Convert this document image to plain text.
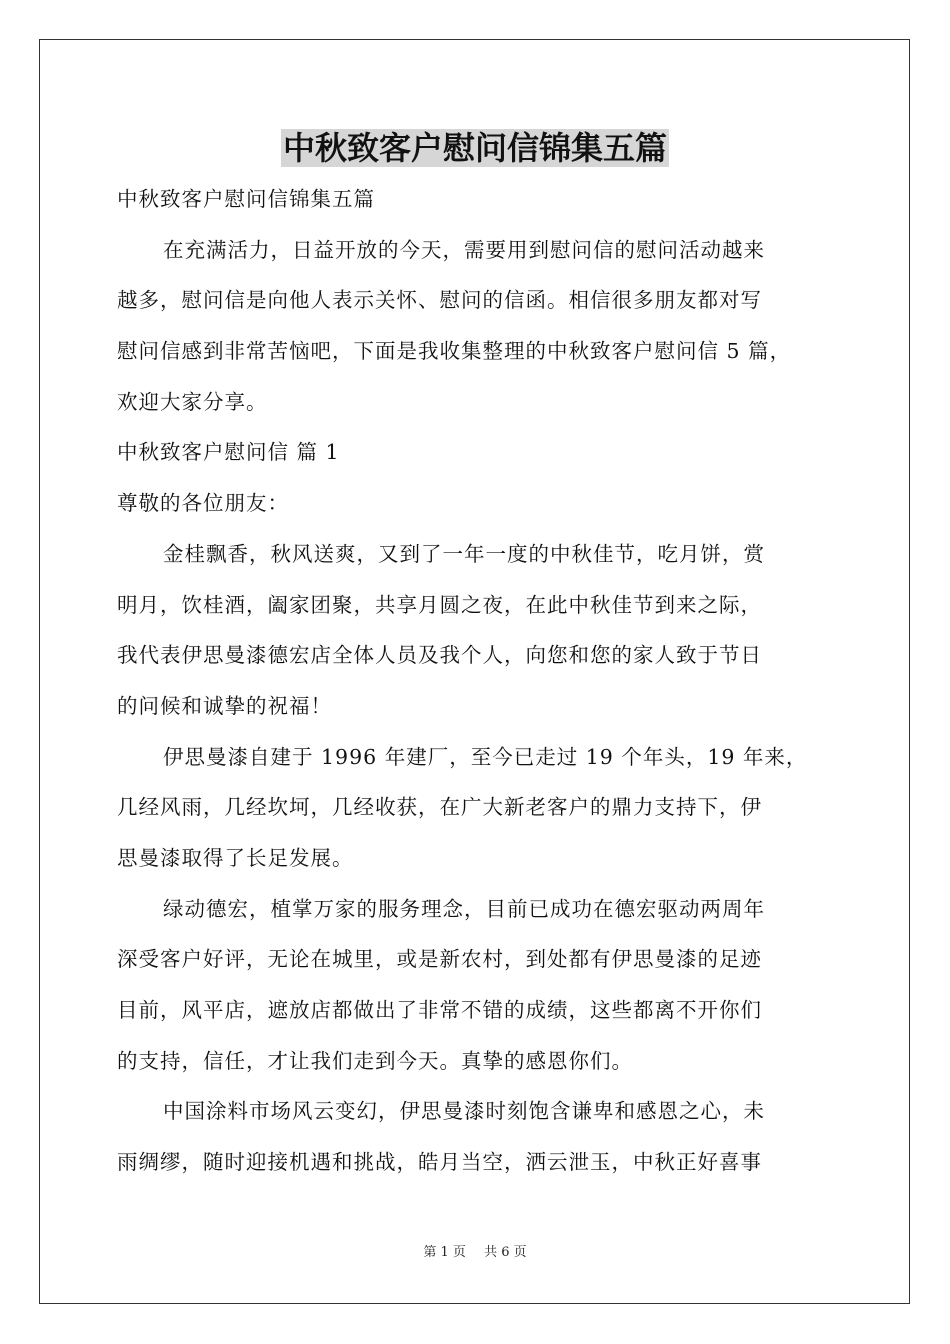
中秋致客户慰问信锦集五篇
中秋致客户慰问信锦集五篇
在充满活力，日益开放的今天，需要用到慰问信的慰问活动越来
越多，慰问信是向他人表示关怀、慰问的信函。相信很多朋友都对写
慰问信感到非常苦恼吧，下面是我收集整理的中秋致客户慰问信 5 篇，
欢迎大家分享。
中秋致客户慰问信 篇 1
尊敬的各位朋友：
金桂飘香，秋风送爽，又到了一年一度的中秋佳节，吃月饼，赏
明月，饮桂酒，阖家团聚，共享月圆之夜，在此中秋佳节到来之际，
我代表伊思曼漆德宏店全体人员及我个人，向您和您的家人致于节日
的问候和诚挚的祝福！
伊思曼漆自建于 1996 年建厂，至今已走过 19 个年头，19 年来，
几经风雨，几经坎坷，几经收获，在广大新老客户的鼎力支持下，伊
思曼漆取得了长足发展。
绿动德宏，植掌万家的服务理念，目前已成功在德宏驱动两周年
深受客户好评，无论在城里，或是新农村，到处都有伊思曼漆的足迹
目前，风平店，遮放店都做出了非常不错的成绩，这些都离不开你们
的支持，信任，才让我们走到今天。真挚的感恩你们。
中国涂料市场风云变幻，伊思曼漆时刻饱含谦卑和感恩之心，未
雨绸缪，随时迎接机遇和挑战，皓月当空，洒云泄玉，中秋正好喜事
第 1 页 共 6 页
